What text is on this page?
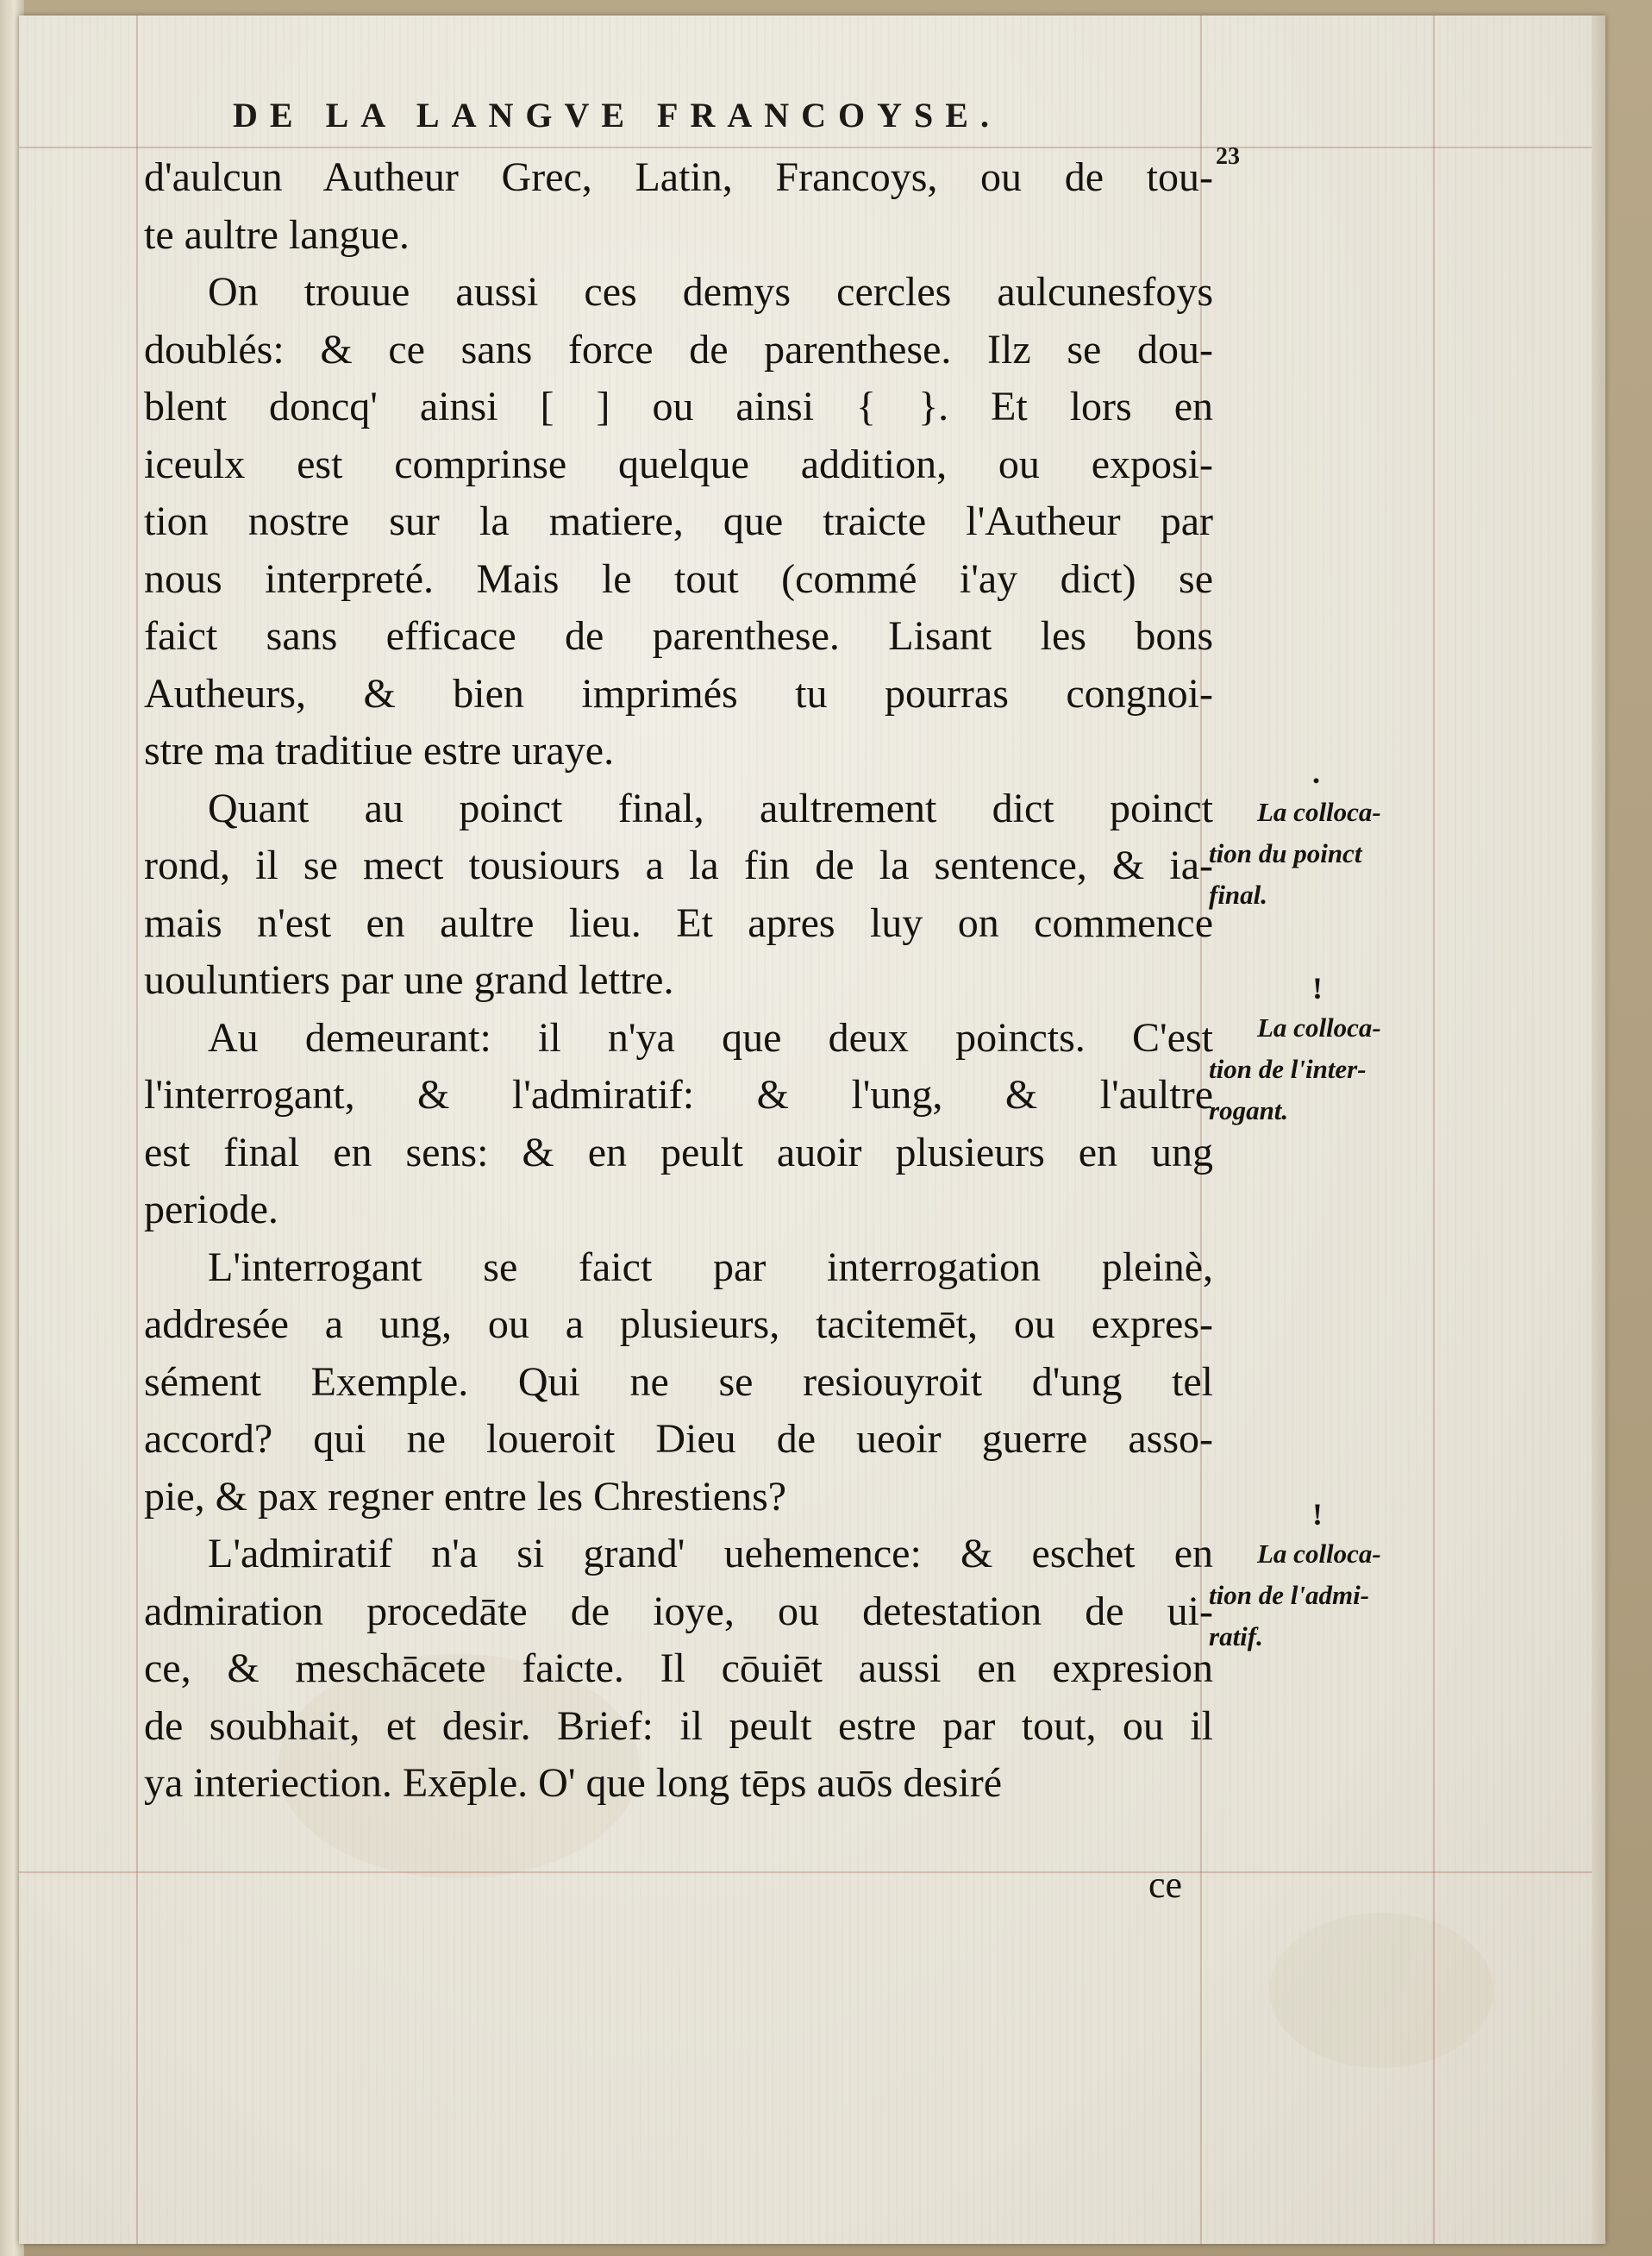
DE LA LANGVE FRANCOYSE.
23
d'aulcun Autheur Grec, Latin, Francoys, ou de tou-
te aultre langue.
On trouue aussi ces demys cercles aulcunesfoys
doublés: & ce sans force de parenthese. Ilz se dou-
blent doncq' ainsi [ ] ou ainsi { }. Et lors en
iceulx est comprinse quelque addition, ou exposi-
tion nostre sur la matiere, que traicte l'Autheur par
nous interpreté. Mais le tout (commé i'ay dict) se
faict sans efficace de parenthese. Lisant les bons
Autheurs, & bien imprimés tu pourras congnoi-
stre ma traditiue estre uraye.
Quant au poinct final, aultrement dict poinct
rond, il se mect tousiours a la fin de la sentence, & ia-
mais n'est en aultre lieu. Et apres luy on commence
uouluntiers par une grand lettre.
Au demeurant: il n'ya que deux poincts. C'est
l'interrogant, & l'admiratif: & l'ung, & l'aultre
est final en sens: & en peult auoir plusieurs en ung
periode.
L'interrogant se faict par interrogation pleinè,
addresée a ung, ou a plusieurs, tacitemēt, ou expres-
sément Exemple. Qui ne se resiouyroit d'ung tel
accord? qui ne loueroit Dieu de ueoir guerre asso-
pie, & pax regner entre les Chrestiens?
L'admiratif n'a si grand' uehemence: & eschet en
admiration procedāte de ioye, ou detestation de ui-
ce, & meschācete faicte. Il cōuiēt aussi en expresion
de soubhait, et desir. Brief: il peult estre par tout, ou il
ya interiection. Exēple. O' que long tēps auōs desiré
ce
.
La colloca-
tion du poinct
final.
!
La colloca-
tion de l'inter-
rogant.
!
La colloca-
tion de l'admi-
ratif.
